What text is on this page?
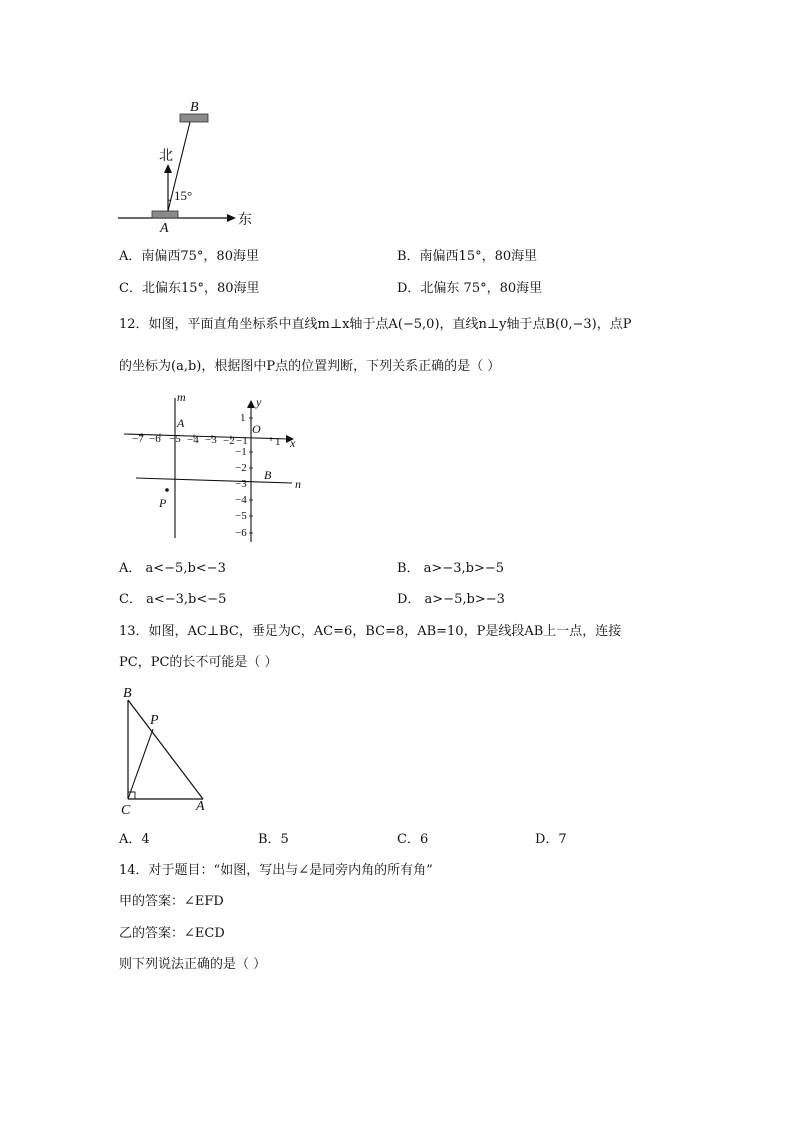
北
东
A
B
15°
A．南偏西75°，80海里	B．南偏西15°，80海里
C．北偏东15°，80海里	D．北偏东 75°，80海里
12．如图，平面直角坐标系中直线m⊥x轴于点A(−5,0)，直线n⊥y轴于点B(0,−3)，点P
的坐标为(a,b)，根据图中P点的位置判断，下列关系正确的是（ ）
−7 −6 −5 −4 −3 −2 −1 1
1
−1
−2
−3
−4
−5
−6
m
n
x
y
O
A
B
P
A． a<−5,b<−3	B． a>−3,b>−5
C． a<−3,b<−5	D． a>−5,b>−3
13．如图，AC⊥BC，垂足为C，AC=6，BC=8，AB=10，P是线段AB上一点，连接
PC，PC的长不可能是（ ）
B
P
C	A
A．4	B．5	C．6	D．7
14．对于题目：“如图，写出与∠是同旁内角的所有角”
甲的答案：∠EFD
乙的答案：∠ECD
则下列说法正确的是（ ）
